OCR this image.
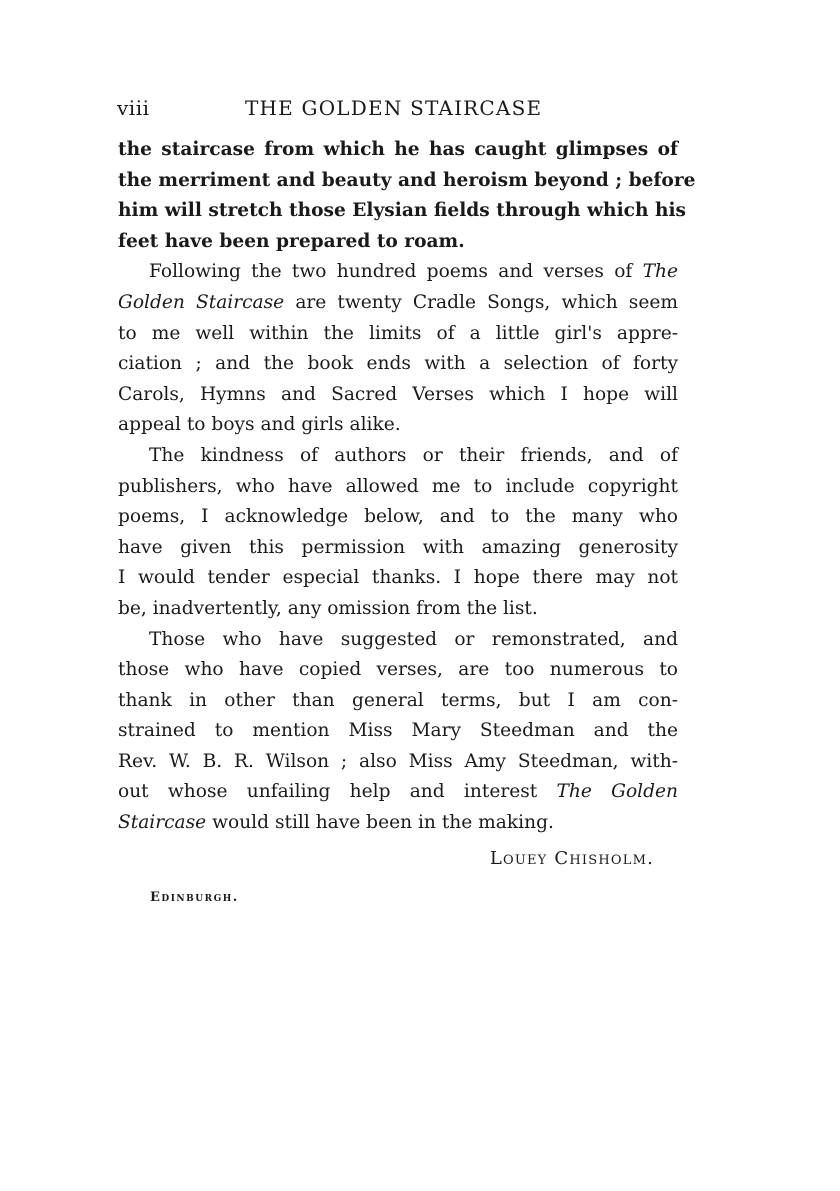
viii	THE GOLDEN STAIRCASE
the staircase from which he has caught glimpses of
the merriment and beauty and heroism beyond ; before
him will stretch those Elysian fields through which his
feet have been prepared to roam.
Following the two hundred poems and verses of The
Golden Staircase are twenty Cradle Songs, which seem
to me well within the limits of a little girl's appre-
ciation ; and the book ends with a selection of forty
Carols, Hymns and Sacred Verses which I hope will
appeal to boys and girls alike.
The kindness of authors or their friends, and of
publishers, who have allowed me to include copyright
poems, I acknowledge below, and to the many who
have given this permission with amazing generosity
I would tender especial thanks. I hope there may not
be, inadvertently, any omission from the list.
Those who have suggested or remonstrated, and
those who have copied verses, are too numerous to
thank in other than general terms, but I am con-
strained to mention Miss Mary Steedman and the
Rev. W. B. R. Wilson ; also Miss Amy Steedman, with-
out whose unfailing help and interest The Golden
Staircase would still have been in the making.
Louey Chisholm.
Edinburgh.
